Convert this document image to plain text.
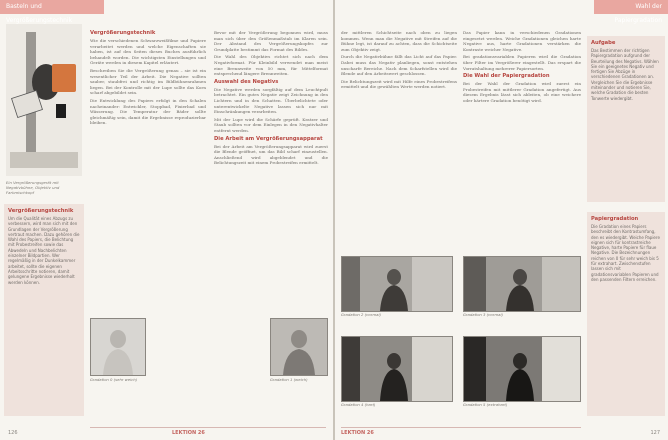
Basteln und Vergrößerungstechnik
Ein Vergrößerungsgerät mit Negativbühne, Objektiv und Farbmischkopf
Vergrößerungstechnik

Um die Qualität eines Abzugs zu verbessern, wird man sich mit den Grundlagen der Vergrößerung vertraut machen. Dazu gehören die Wahl des Papiers, die Belichtung mit Probestreifen sowie das Abwedeln und Nachbelichten einzelner Bildpartien. Wer regelmäßig in der Dunkelkammer arbeitet, sollte die eigenen Arbeitsschritte notieren, damit gelungene Ergebnisse wiederholt werden können.

Vergrößerungstechnik

Wie die verschiedenen Schwarzweißfilme und Papiere verarbeitet werden und welche Eigenschaften sie haben, ist auf den Seiten dieses Buches ausführlich behandelt worden. Die wichtigsten Einstellungen und Geräte werden in diesem Kapitel erläutert.

Beschreiben Sie die Vergrößerung genau – sie ist ein wesentlicher Teil der Arbeit. Die Negative sollten sauber, staubfrei und richtig im Bildbühnenrahmen liegen. Bei der Kontrolle mit der Lupe sollte das Korn scharf abgebildet sein.

Die Entwicklung des Papiers erfolgt in den Schalen nacheinander: Entwickler, Stoppbad, Fixierbad und Wässerung. Die Temperatur der Bäder sollte gleichmäßig sein, damit die Ergebnisse reproduzierbar bleiben.

Bevor mit der Vergrößerung begonnen wird, muss man sich über den Größenmaßstab im Klaren sein. Der Abstand des Vergrößerungskopfes zur Grundplatte bestimmt das Format des Bildes.

Die Wahl des Objektivs richtet sich nach dem Negativformat. Für Kleinbild verwendet man meist eine Brennweite von 50 mm, für Mittelformat entsprechend längere Brennweiten.

Auswahl des Negativs

Die Negative werden sorgfältig auf dem Leuchtpult betrachtet. Ein gutes Negativ zeigt Zeichnung in den Lichtern und in den Schatten. Überbelichtete oder unterentwickelte Negative lassen sich nur mit Einschränkungen verarbeiten.

Mit der Lupe wird die Schärfe geprüft. Kratzer und Staub sollten vor dem Einlegen in den Negativhalter entfernt werden.

Die Arbeit am Vergrößerungsapparat

Bei der Arbeit am Vergrößerungsapparat wird zuerst die Blende geöffnet, um das Bild scharf einzustellen. Anschließend wird abgeblendet und die Belichtungszeit mit einem Probestreifen ermittelt.

Gradation 0 (sehr weich)	Gradation 1 (weich)
126	LEKTION 26
Wahl der Papiergradation

der mittleren Schichtseite nach oben zu liegen kommen. Wenn man die Negative mit Streifen auf die Bühne legt, ist darauf zu achten, dass die Schichtseite zum Objektiv zeigt.

Durch die Negativbühne fällt das Licht auf das Papier. Dabei muss das Negativ planliegen, sonst entstehen unscharfe Bereiche. Nach dem Scharfstellen wird die Blende auf den Arbeitswert geschlossen.

Die Belichtungszeit wird mit Hilfe eines Probestreifens ermittelt und die gewählten Werte werden notiert.

Das Papier kann in verschiedenen Gradationen eingesetzt werden. Weiche Gradationen gleichen harte Negative aus, harte Gradationen verstärken die Kontraste weicher Negative.

Bei gradationsvariablen Papieren wird die Gradation über Filter im Vergrößerer eingestellt. Das erspart die Vorratshaltung mehrerer Papiersorten.

Die Wahl der Papiergradation

Bei der Wahl der Gradation wird zuerst ein Probestreifen mit mittlerer Gradation angefertigt. Aus diesem Ergebnis lässt sich ableiten, ob eine weichere oder härtere Gradation benötigt wird.

Gradation 2 (normal)	Gradation 3 (normal)
Gradation 4 (hart)	Gradation 5 (extrahart)
Aufgabe

Das Bestimmen der richtigen Papiergradation aufgrund der Beurteilung des Negativs. Wählen Sie ein geeignetes Negativ und fertigen Sie Abzüge in verschiedenen Gradationen an. Vergleichen Sie die Ergebnisse miteinander und notieren Sie, welche Gradation die besten Tonwerte wiedergibt.

Papiergradation

Die Gradation eines Papiers beschreibt den Kontrastumfang, den es wiedergibt. Weiche Papiere eignen sich für kontrastreiche Negative, harte Papiere für flaue Negative. Die Bezeichnungen reichen von 0 für sehr weich bis 5 für extrahart. Zwischenstufen lassen sich mit gradationsvariablen Papieren und den passenden Filtern erreichen.

LEKTION 26	127
